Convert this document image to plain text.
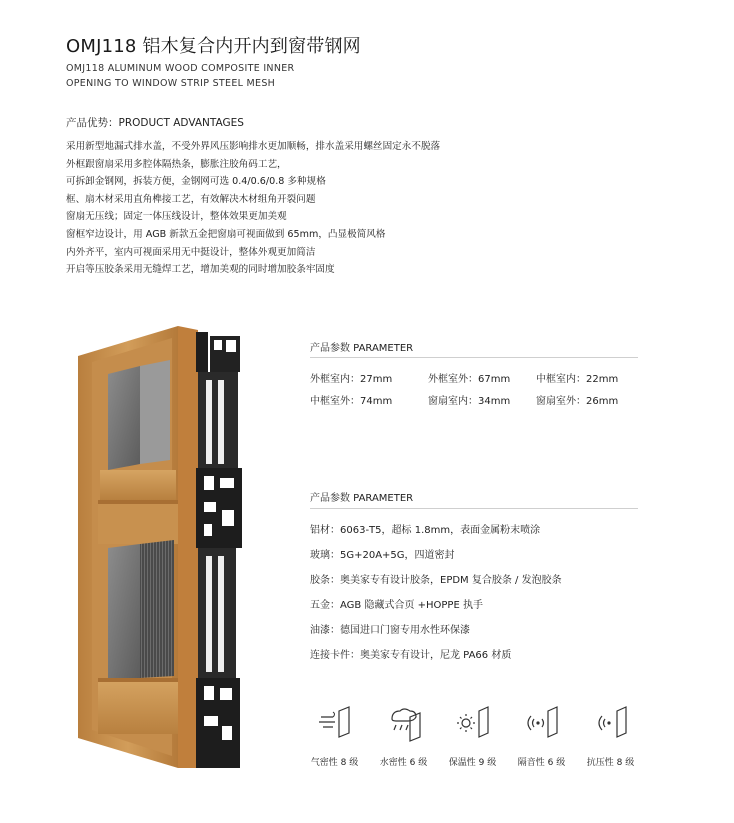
OMJ118 铝木复合内开内到窗带钢网
OMJ118 ALUMINUM WOOD COMPOSITE INNER
OPENING TO WINDOW STRIP STEEL MESH
产品优势：PRODUCT ADVANTAGES
采用新型地漏式排水盖，不受外界风压影响排水更加顺畅，排水盖采用螺丝固定永不脱落
外框跟窗扇采用多腔体隔热条，膨胀注胶角码工艺，
可拆卸金钢网，拆装方便，金钢网可选 0.4/0.6/0.8 多种规格
框、扇木材采用直角榫接工艺，有效解决木材组角开裂问题
窗扇无压线；固定一体压线设计，整体效果更加美观
窗框窄边设计，用 AGB 新款五金把窗扇可视面做到 65mm，凸显极简风格
内外齐平，室内可视面采用无中挺设计，整体外观更加简洁
开启等压胶条采用无缝焊工艺，增加美观的同时增加胶条牢固度
产品参数 PARAMETER
外框室内：27mm	外框室外：67mm	中框室内：22mm
中框室外：74mm	窗扇室内：34mm	窗扇室外：26mm
产品参数 PARAMETER
铝材：6063-T5，超标 1.8mm，表面金属粉末喷涂
玻璃：5G+20A+5G，四道密封
胶条：奥美家专有设计胶条，EPDM 复合胶条 / 发泡胶条
五金：AGB 隐藏式合页 +HOPPE 执手
油漆：德国进口门窗专用水性环保漆
连接卡件：奥美家专有设计，尼龙 PA66 材质
气密性 8 级	水密性 6 级	保温性 9 级	隔音性 6 级	抗压性 8 级
